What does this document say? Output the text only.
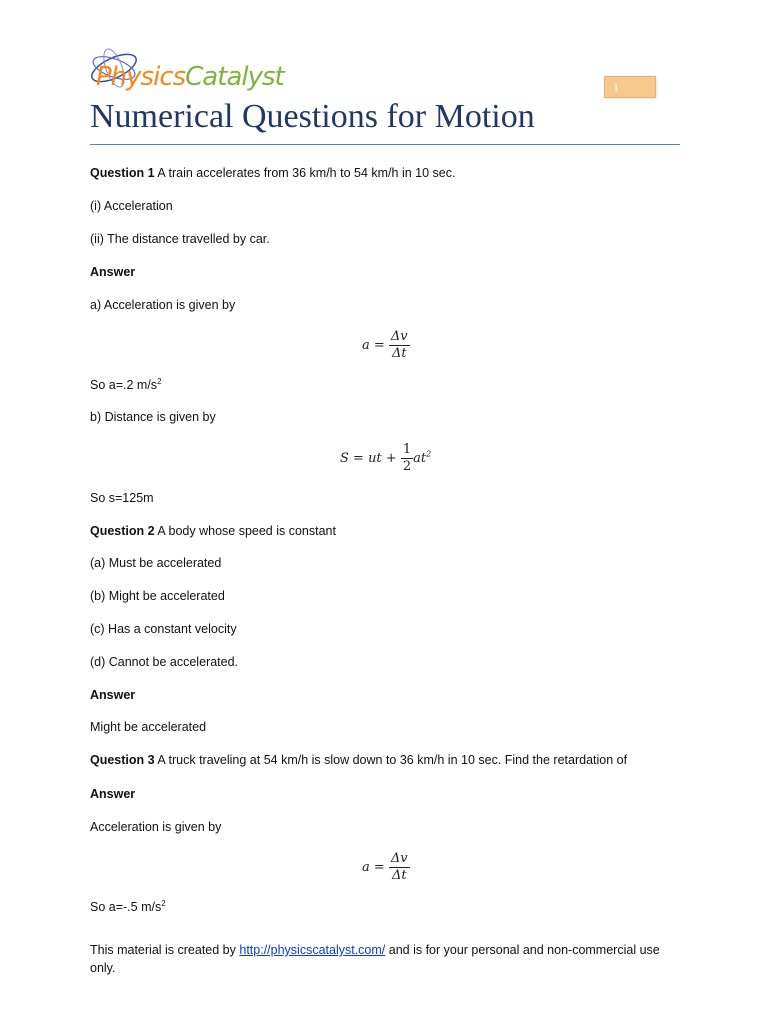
PhysicsCatalyst	1
Numerical Questions for Motion
Question 1 A train accelerates from 36 km/h to 54 km/h in 10 sec.
(i) Acceleration
(ii) The distance travelled by car.
Answer
a) Acceleration is given by
$a = \frac{\Delta v}{\Delta t}$
So a=.2 $m/s^2$
b) Distance is given by
S = ut + $\frac{1}{2} at^2$
So s=125m
Question 2 A body whose speed is constant
(a) Must be accelerated
(b) Might be accelerated
(c) Has a constant velocity
(d) Cannot be accelerated.
Answer
Might be accelerated
Question 3 A truck traveling at 54 km/h is slow down to 36 km/h in 10 sec. Find the retardation of
Answer
Acceleration is given by
$a = \frac{\Delta v}{\Delta t}$
So a=-.5 $m/s^2$
This material is created by http://physicscatalyst.com/ and is for your personal and non-commercial use
only.
